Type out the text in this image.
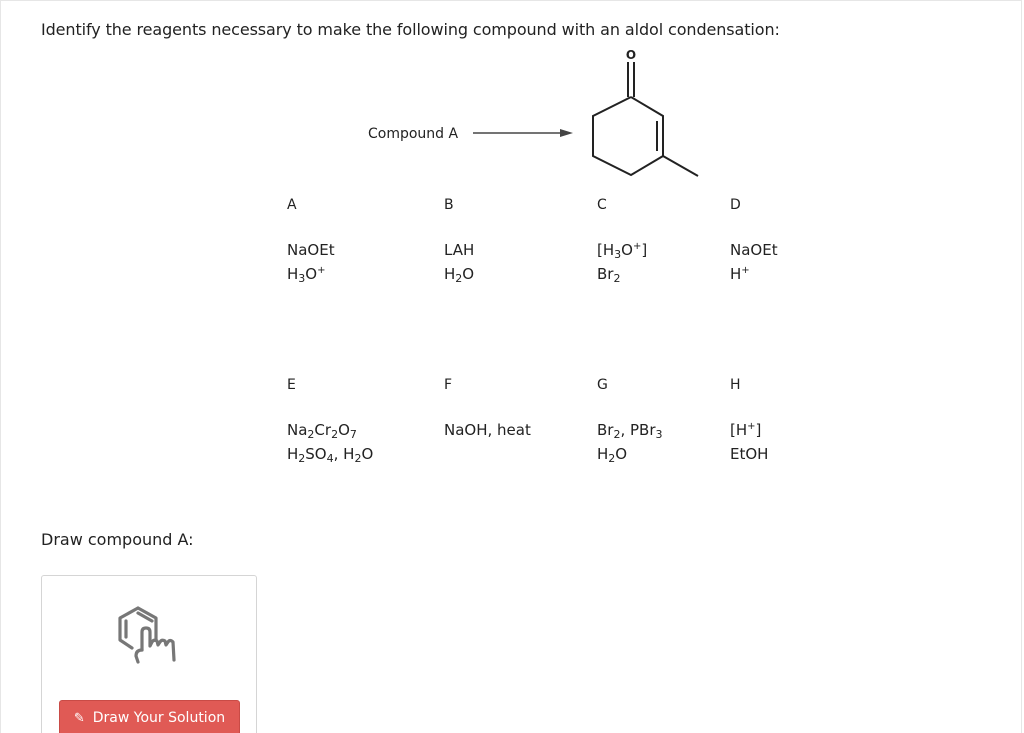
Identify the reagents necessary to make the following compound with an aldol condensation:
Compound A
O
A
NaOEt
$H_3O^+$
B
LAH
$H_2O$
C
$[H_3O^+]$
$Br_2$
D
NaOEt
H+
E
$Na_2Cr_2O_7$
$H_2SO_4$, $H_2O$
F
NaOH, heat
G
$Br_2$, PBr$_3$
$H_2O$
H
[H+]
EtOH
Draw compound A:
✎ Draw Your Solution
